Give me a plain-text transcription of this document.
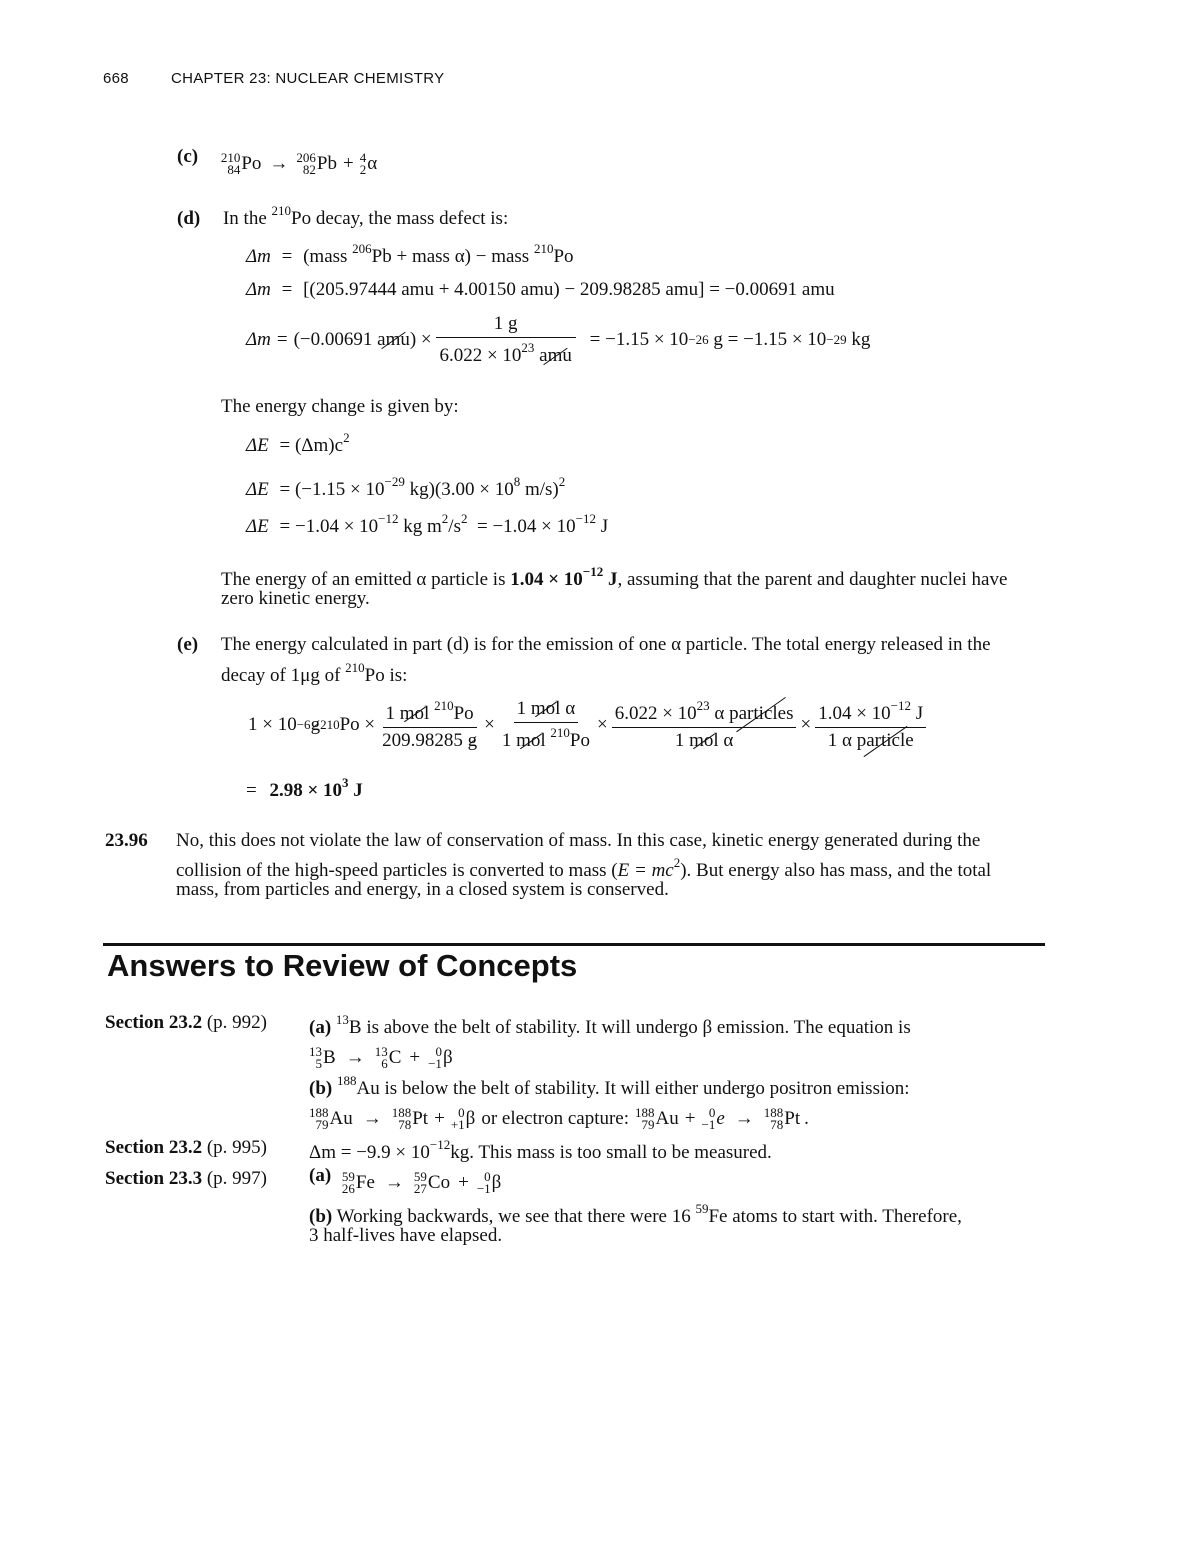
668	CHAPTER 23: NUCLEAR CHEMISTRY
(c) 210
84 Po → 206
82 Pb + 4
2 α
(d) In the $^{210}$Po decay, the mass defect is:
Δm = (mass $^{206}$Pb + mass α) − mass $^{210}$Po
Δm = [(205.97444 amu + 4.00150 amu) − 209.98285 amu] = −0.00691 amu
Δm = (−0.00691
amu ) × $\frac{1 g}{6.022 \times 10^{23} amu} = -1.15 \times 10 -26$
g = −1.15 × 10 −29
kg
The energy change is given by:
$\Delta E = (\Delta m)c^2$
$\Delta E = (-1.15 \times 10^{-29}$ $kg)(3.00 \times 10^8$ m/s)$^2$
$\Delta E = -1.04 \times 10^{-12}$ kg $m^2/s^2 = -1.04 \times 10^{-12}$ J
The energy of an emitted α particle is $1.04 \times 10^{-12}$ J, assuming that the parent and daughter nuclei have
zero kinetic energy.
(e) The energy calculated in part (d) is for the emission of one α particle. The total energy released in the
decay of 1μg of $^{210}$Po is:
1 × 10 −6 g 210 $Po \times \frac{1 mol ^{210}Po}{209.98285 g} \times \frac{\text{1 mol α}}{1 mol ^{210}Po} \times \frac{6.022 \times 10^{23} \alpha particles}{\text{1 mol α}} \times \frac{1.04 \times 10^{-12} J}{\text{1 α particle}}$
= $2.98 \times 10^3$ J
23.96 No, this does not violate the law of conservation of mass. In this case, kinetic energy generated during the
collision of the high-speed particles is converted to mass $(E = mc^2)$. But energy also has mass, and the total
mass, from particles and energy, in a closed system is conserved.
Answers to Review of Concepts
Section 23.2 (p. 992) (a) $^{13}$B is above the belt of stability. It will undergo β emission. The equation is
13
5 B → 13
6 C + 0
−1 β
(b) $^{188}$Au is below the belt of stability. It will either undergo positron emission:
188
79 Au → 188
78 Pt + 0
+1 β or electron capture: 188
79 Au + 0
−1 e → 188
78 Pt .
Section 23.2 (p. 995) $\Delta m = -9.9 \times 10^{-12}kg$. This mass is too small to be measured.
Section 23.3 (p. 997) (a) 59
26 Fe → 59
27 Co + 0
−1 β
(b) Working backwards, we see that there were 16 $^{59}$Fe atoms to start with. Therefore,
3 half-lives have elapsed.
